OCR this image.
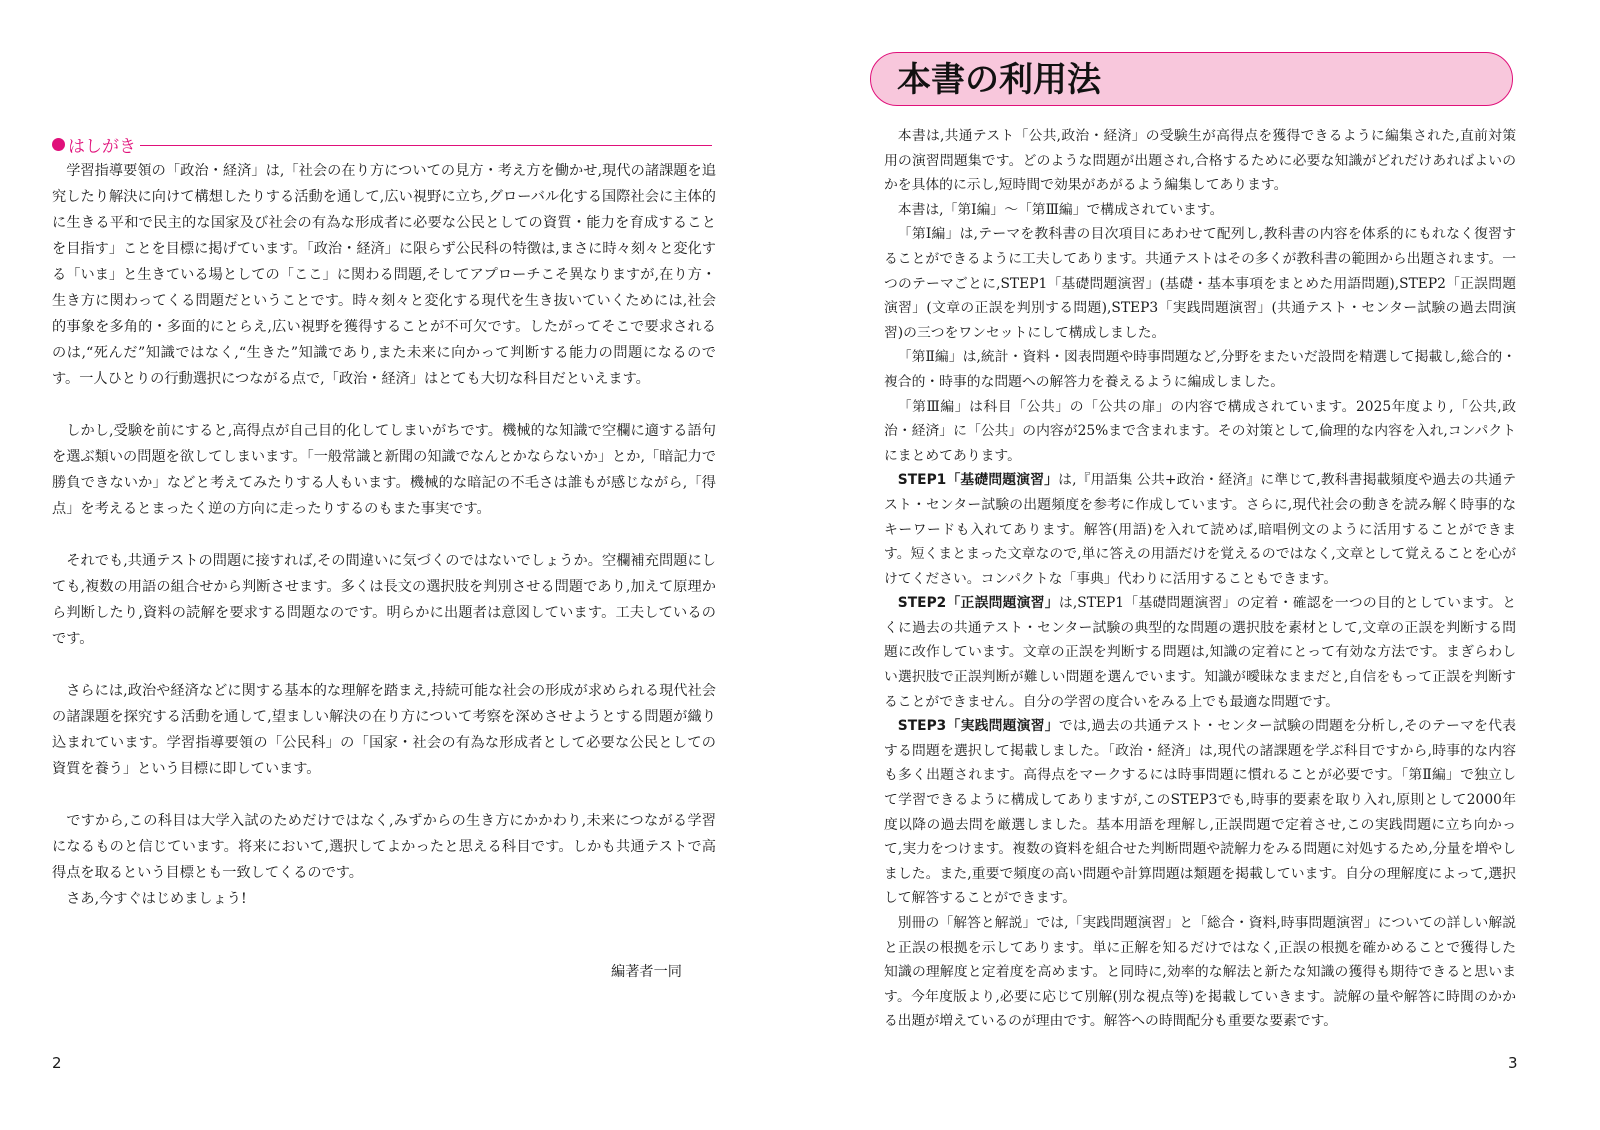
はしがき

学習指導要領の「政治・経済」は,「社会の在り方についての見方・考え方を働かせ,現代の諸課題を追究したり解決に向けて構想したりする活動を通して,広い視野に立ち,グローバル化する国際社会に主体的に生きる平和で民主的な国家及び社会の有為な形成者に必要な公民としての資質・能力を育成することを目指す」ことを目標に掲げています。「政治・経済」に限らず公民科の特徴は,まさに時々刻々と変化する「いま」と生きている場としての「ここ」に関わる問題,そしてアプローチこそ異なりますが,在り方・生き方に関わってくる問題だということです。時々刻々と変化する現代を生き抜いていくためには,社会的事象を多角的・多面的にとらえ,広い視野を獲得することが不可欠です。したがってそこで要求されるのは,“死んだ”知識ではなく,“生きた”知識であり,また未来に向かって判断する能力の問題になるのです。一人ひとりの行動選択につながる点で,「政治・経済」はとても大切な科目だといえます。

しかし,受験を前にすると,高得点が自己目的化してしまいがちです。機械的な知識で空欄に適する語句を選ぶ類いの問題を欲してしまいます。「一般常識と新聞の知識でなんとかならないか」とか,「暗記力で勝負できないか」などと考えてみたりする人もいます。機械的な暗記の不毛さは誰もが感じながら,「得点」を考えるとまったく逆の方向に走ったりするのもまた事実です。

それでも,共通テストの問題に接すれば,その間違いに気づくのではないでしょうか。空欄補充問題にしても,複数の用語の組合せから判断させます。多くは長文の選択肢を判別させる問題であり,加えて原理から判断したり,資料の読解を要求する問題なのです。明らかに出題者は意図しています。工夫しているのです。

さらには,政治や経済などに関する基本的な理解を踏まえ,持続可能な社会の形成が求められる現代社会の諸課題を探究する活動を通して,望ましい解決の在り方について考察を深めさせようとする問題が織り込まれています。学習指導要領の「公民科」の「国家・社会の有為な形成者として必要な公民としての資質を養う」という目標に即しています。

ですから,この科目は大学入試のためだけではなく,みずからの生き方にかかわり,未来につながる学習になるものと信じています。将来において,選択してよかったと思える科目です。しかも共通テストで高得点を取るという目標とも一致してくるのです。

さあ,今すぐはじめましょう!

編著者一同
2
本書の利用法

本書は,共通テスト「公共,政治・経済」の受験生が高得点を獲得できるように編集された,直前対策用の演習問題集です。どのような問題が出題され,合格するために必要な知識がどれだけあればよいのかを具体的に示し,短時間で効果があがるよう編集してあります。

本書は,「第Ⅰ編」〜「第Ⅲ編」で構成されています。

「第Ⅰ編」は,テーマを教科書の目次項目にあわせて配列し,教科書の内容を体系的にもれなく復習することができるように工夫してあります。共通テストはその多くが教科書の範囲から出題されます。一つのテーマごとに,STEP1「基礎問題演習」(基礎・基本事項をまとめた用語問題),STEP2「正誤問題演習」(文章の正誤を判別する問題),STEP3「実践問題演習」(共通テスト・センター試験の過去問演習)の三つをワンセットにして構成しました。

「第Ⅱ編」は,統計・資料・図表問題や時事問題など,分野をまたいだ設問を精選して掲載し,総合的・複合的・時事的な問題への解答力を養えるように編成しました。

「第Ⅲ編」は科目「公共」の「公共の扉」の内容で構成されています。2025年度より,「公共,政治・経済」に「公共」の内容が25%まで含まれます。その対策として,倫理的な内容を入れ,コンパクトにまとめてあります。

STEP1「基礎問題演習」は,『用語集 公共+政治・経済』に準じて,教科書掲載頻度や過去の共通テスト・センター試験の出題頻度を参考に作成しています。さらに,現代社会の動きを読み解く時事的なキーワードも入れてあります。解答(用語)を入れて読めば,暗唱例文のように活用することができます。短くまとまった文章なので,単に答えの用語だけを覚えるのではなく,文章として覚えることを心がけてください。コンパクトな「事典」代わりに活用することもできます。

STEP2「正誤問題演習」は,STEP1「基礎問題演習」の定着・確認を一つの目的としています。とくに過去の共通テスト・センター試験の典型的な問題の選択肢を素材として,文章の正誤を判断する問題に改作しています。文章の正誤を判断する問題は,知識の定着にとって有効な方法です。まぎらわしい選択肢で正誤判断が難しい問題を選んでいます。知識が曖昧なままだと,自信をもって正誤を判断することができません。自分の学習の度合いをみる上でも最適な問題です。

STEP3「実践問題演習」では,過去の共通テスト・センター試験の問題を分析し,そのテーマを代表する問題を選択して掲載しました。「政治・経済」は,現代の諸課題を学ぶ科目ですから,時事的な内容も多く出題されます。高得点をマークするには時事問題に慣れることが必要です。「第Ⅱ編」で独立して学習できるように構成してありますが,このSTEP3でも,時事的要素を取り入れ,原則として2000年度以降の過去問を厳選しました。基本用語を理解し,正誤問題で定着させ,この実践問題に立ち向かって,実力をつけます。複数の資料を組合せた判断問題や読解力をみる問題に対処するため,分量を増やしました。また,重要で頻度の高い問題や計算問題は類題を掲載しています。自分の理解度によって,選択して解答することができます。

別冊の「解答と解説」では,「実践問題演習」と「総合・資料,時事問題演習」についての詳しい解説と正誤の根拠を示してあります。単に正解を知るだけではなく,正誤の根拠を確かめることで獲得した知識の理解度と定着度を高めます。と同時に,効率的な解法と新たな知識の獲得も期待できると思います。今年度版より,必要に応じて別解(別な視点等)を掲載していきます。読解の量や解答に時間のかかる出題が増えているのが理由です。解答への時間配分も重要な要素です。

3
